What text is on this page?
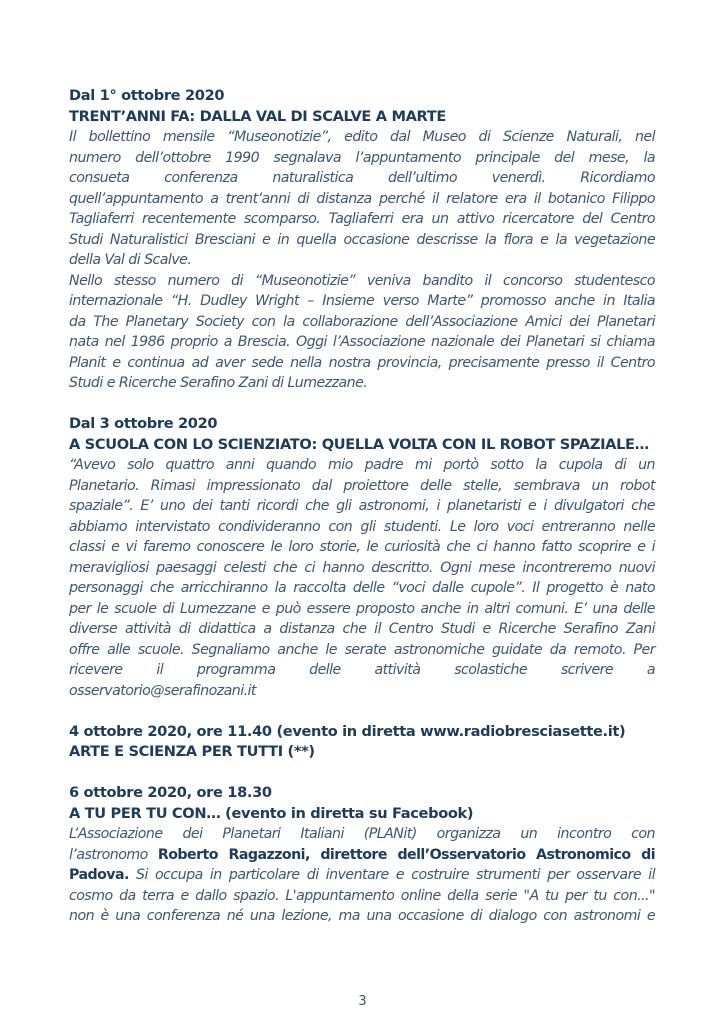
Dal 1° ottobre 2020
TRENT’ANNI FA: DALLA VAL DI SCALVE A MARTE
Il bollettino mensile “Museonotizie”, edito dal Museo di Scienze Naturali, nel
numero dell’ottobre 1990 segnalava l’appuntamento principale del mese, la
consueta conferenza naturalistica dell’ultimo venerdì. Ricordiamo
quell’appuntamento a trent’anni di distanza perché il relatore era il botanico Filippo
Tagliaferri recentemente scomparso. Tagliaferri era un attivo ricercatore del Centro
Studi Naturalistici Bresciani e in quella occasione descrisse la flora e la vegetazione
della Val di Scalve.
Nello stesso numero di “Museonotizie” veniva bandito il concorso studentesco
internazionale “H. Dudley Wright – Insieme verso Marte” promosso anche in Italia
da The Planetary Society con la collaborazione dell’Associazione Amici dei Planetari
nata nel 1986 proprio a Brescia. Oggi l’Associazione nazionale dei Planetari si chiama
Planit e continua ad aver sede nella nostra provincia, precisamente presso il Centro
Studi e Ricerche Serafino Zani di Lumezzane.
Dal 3 ottobre 2020
A SCUOLA CON LO SCIENZIATO: QUELLA VOLTA CON IL ROBOT SPAZIALE…
“Avevo solo quattro anni quando mio padre mi portò sotto la cupola di un
Planetario. Rimasi impressionato dal proiettore delle stelle, sembrava un robot
spaziale”. E’ uno dei tanti ricordi che gli astronomi, i planetaristi e i divulgatori che
abbiamo intervistato condivideranno con gli studenti. Le loro voci entreranno nelle
classi e vi faremo conoscere le loro storie, le curiosità che ci hanno fatto scoprire e i
meravigliosi paesaggi celesti che ci hanno descritto. Ogni mese incontreremo nuovi
personaggi che arricchiranno la raccolta delle “voci dalle cupole”. Il progetto è nato
per le scuole di Lumezzane e può essere proposto anche in altri comuni. E’ una delle
diverse attività di didattica a distanza che il Centro Studi e Ricerche Serafino Zani
offre alle scuole. Segnaliamo anche le serate astronomiche guidate da remoto. Per
ricevere il programma delle attività scolastiche scrivere a
osservatorio@serafinozani.it
4 ottobre 2020, ore 11.40 (evento in diretta www.radiobresciasette.it)
ARTE E SCIENZA PER TUTTI (**)
6 ottobre 2020, ore 18.30
A TU PER TU CON… (evento in diretta su Facebook)
L’Associazione dei Planetari Italiani (PLANit) organizza un incontro con
l’astronomo Roberto Ragazzoni, direttore dell’Osservatorio Astronomico di
Padova. Si occupa in particolare di inventare e costruire strumenti per osservare il
cosmo da terra e dallo spazio. L'appuntamento online della serie "A tu per tu con..."
non è una conferenza né una lezione, ma una occasione di dialogo con astronomi e
3
